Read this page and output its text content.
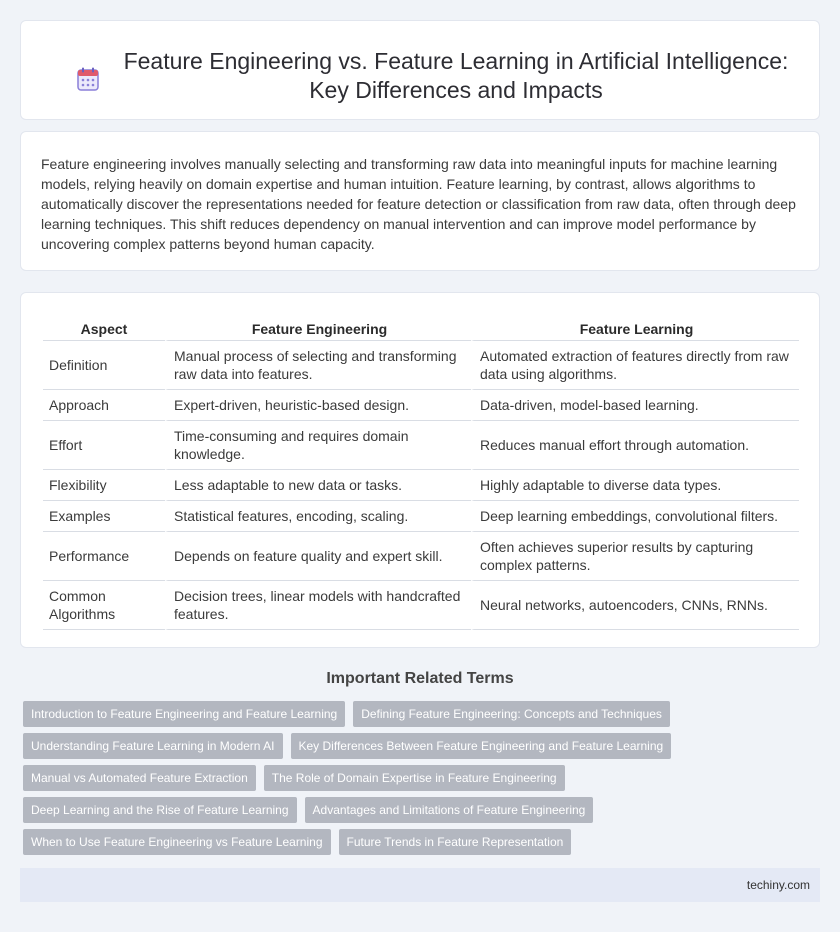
Feature Engineering vs. Feature Learning in Artificial Intelligence: Key Differences and Impacts

Feature engineering involves manually selecting and transforming raw data into meaningful inputs for machine learning models, relying heavily on domain expertise and human intuition. Feature learning, by contrast, allows algorithms to automatically discover the representations needed for feature detection or classification from raw data, often through deep learning techniques. This shift reduces dependency on manual intervention and can improve model performance by uncovering complex patterns beyond human capacity.

Aspect	Feature Engineering	Feature Learning
Definition	Manual process of selecting and transforming raw data into features.	Automated extraction of features directly from raw data using algorithms.
Approach	Expert-driven, heuristic-based design.	Data-driven, model-based learning.
Effort	Time-consuming and requires domain knowledge.	Reduces manual effort through automation.
Flexibility	Less adaptable to new data or tasks.	Highly adaptable to diverse data types.
Examples	Statistical features, encoding, scaling.	Deep learning embeddings, convolutional filters.
Performance	Depends on feature quality and expert skill.	Often achieves superior results by capturing complex patterns.
Common Algorithms	Decision trees, linear models with handcrafted features.	Neural networks, autoencoders, CNNs, RNNs.
Important Related Terms
Introduction to Feature Engineering and Feature Learning	Defining Feature Engineering: Concepts and Techniques
Understanding Feature Learning in Modern AI	Key Differences Between Feature Engineering and Feature Learning
Manual vs Automated Feature Extraction	The Role of Domain Expertise in Feature Engineering
Deep Learning and the Rise of Feature Learning	Advantages and Limitations of Feature Engineering
When to Use Feature Engineering vs Feature Learning	Future Trends in Feature Representation
techiny.com
